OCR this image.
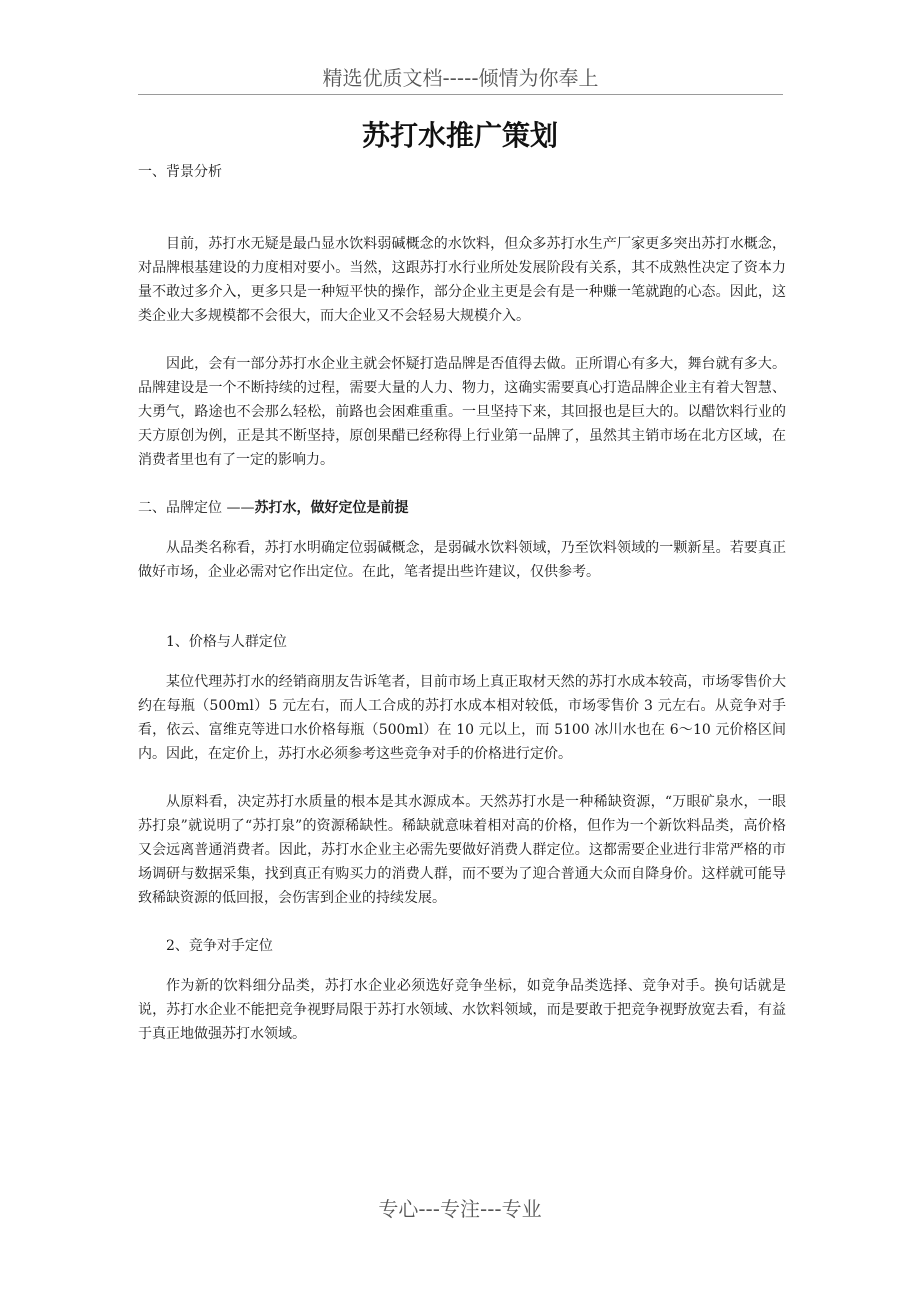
精选优质文档-----倾情为你奉上
苏打水推广策划

一、背景分析

目前，苏打水无疑是最凸显水饮料弱碱概念的水饮料，但众多苏打水生产厂家更多突出苏打水概念，对品牌根基建设的力度相对要小。当然，这跟苏打水行业所处发展阶段有关系，其不成熟性决定了资本力量不敢过多介入，更多只是一种短平快的操作，部分企业主更是会有是一种赚一笔就跑的心态。因此，这类企业大多规模都不会很大，而大企业又不会轻易大规模介入。

因此，会有一部分苏打水企业主就会怀疑打造品牌是否值得去做。正所谓心有多大，舞台就有多大。品牌建设是一个不断持续的过程，需要大量的人力、物力，这确实需要真心打造品牌企业主有着大智慧、大勇气，路途也不会那么轻松，前路也会困难重重。一旦坚持下来，其回报也是巨大的。以醋饮料行业的天方原创为例，正是其不断坚持，原创果醋已经称得上行业第一品牌了，虽然其主销市场在北方区域，在消费者里也有了一定的影响力。

二、品牌定位 ——苏打水，做好定位是前提

从品类名称看，苏打水明确定位弱碱概念，是弱碱水饮料领域，乃至饮料领域的一颗新星。若要真正做好市场，企业必需对它作出定位。在此，笔者提出些许建议，仅供参考。

1、价格与人群定位

某位代理苏打水的经销商朋友告诉笔者，目前市场上真正取材天然的苏打水成本较高，市场零售价大约在每瓶（500ml）5 元左右，而人工合成的苏打水成本相对较低，市场零售价 3 元左右。从竞争对手看，依云、富维克等进口水价格每瓶（500ml）在 10 元以上，而 5100 冰川水也在 6～10 元价格区间内。因此，在定价上，苏打水必须参考这些竞争对手的价格进行定价。

从原料看，决定苏打水质量的根本是其水源成本。天然苏打水是一种稀缺资源，“万眼矿泉水，一眼苏打泉”就说明了“苏打泉”的资源稀缺性。稀缺就意味着相对高的价格，但作为一个新饮料品类，高价格又会远离普通消费者。因此，苏打水企业主必需先要做好消费人群定位。这都需要企业进行非常严格的市场调研与数据采集，找到真正有购买力的消费人群，而不要为了迎合普通大众而自降身价。这样就可能导致稀缺资源的低回报，会伤害到企业的持续发展。

2、竞争对手定位

作为新的饮料细分品类，苏打水企业必须选好竞争坐标，如竞争品类选择、竞争对手。换句话就是说，苏打水企业不能把竞争视野局限于苏打水领域、水饮料领域，而是要敢于把竞争视野放宽去看，有益于真正地做强苏打水领域。

专心---专注---专业
